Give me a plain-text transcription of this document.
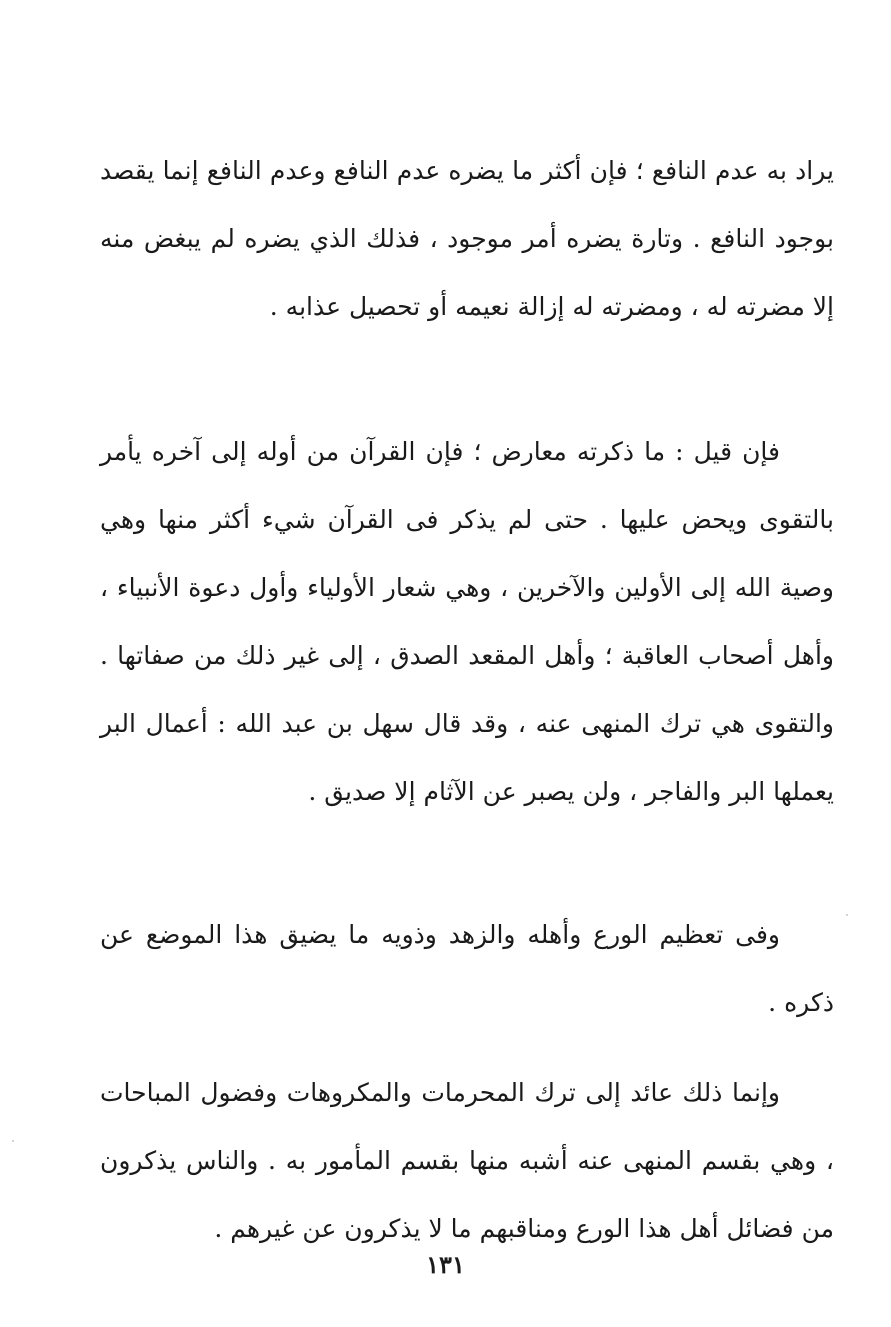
يراد به عدم النافع ؛ فإن أكثر ما يضره عدم النافع وعدم النافع إنما يقصد بوجود النافع . وتارة يضره أمر موجود ، فذلك الذي يضره لم يبغض منه إلا مضرته له ، ومضرته له إزالة نعيمه أو تحصيل عذابه .

فإن قيل : ما ذكرته معارض ؛ فإن القرآن من أوله إلى آخره يأمر بالتقوى ويحض عليها . حتى لم يذكر فى القرآن شيء أكثر منها وهي وصية الله إلى الأولين والآخرين ، وهي شعار الأولياء وأول دعوة الأنبياء ، وأهل أصحاب العاقبة ؛ وأهل المقعد الصدق ، إلى غير ذلك من صفاتها . والتقوى هي ترك المنهى عنه ، وقد قال سهل بن عبد الله : أعمال البر يعملها البر والفاجر ، ولن يصبر عن الآثام إلا صديق .

وفى تعظيم الورع وأهله والزهد وذويه ما يضيق هذا الموضع عن ذكره .

وإنما ذلك عائد إلى ترك المحرمات والمكروهات وفضول المباحات ، وهي بقسم المنهى عنه أشبه منها بقسم المأمور به . والناس يذكرون من فضائل أهل هذا الورع ومناقبهم ما لا يذكرون عن غيرهم .

١٣١
